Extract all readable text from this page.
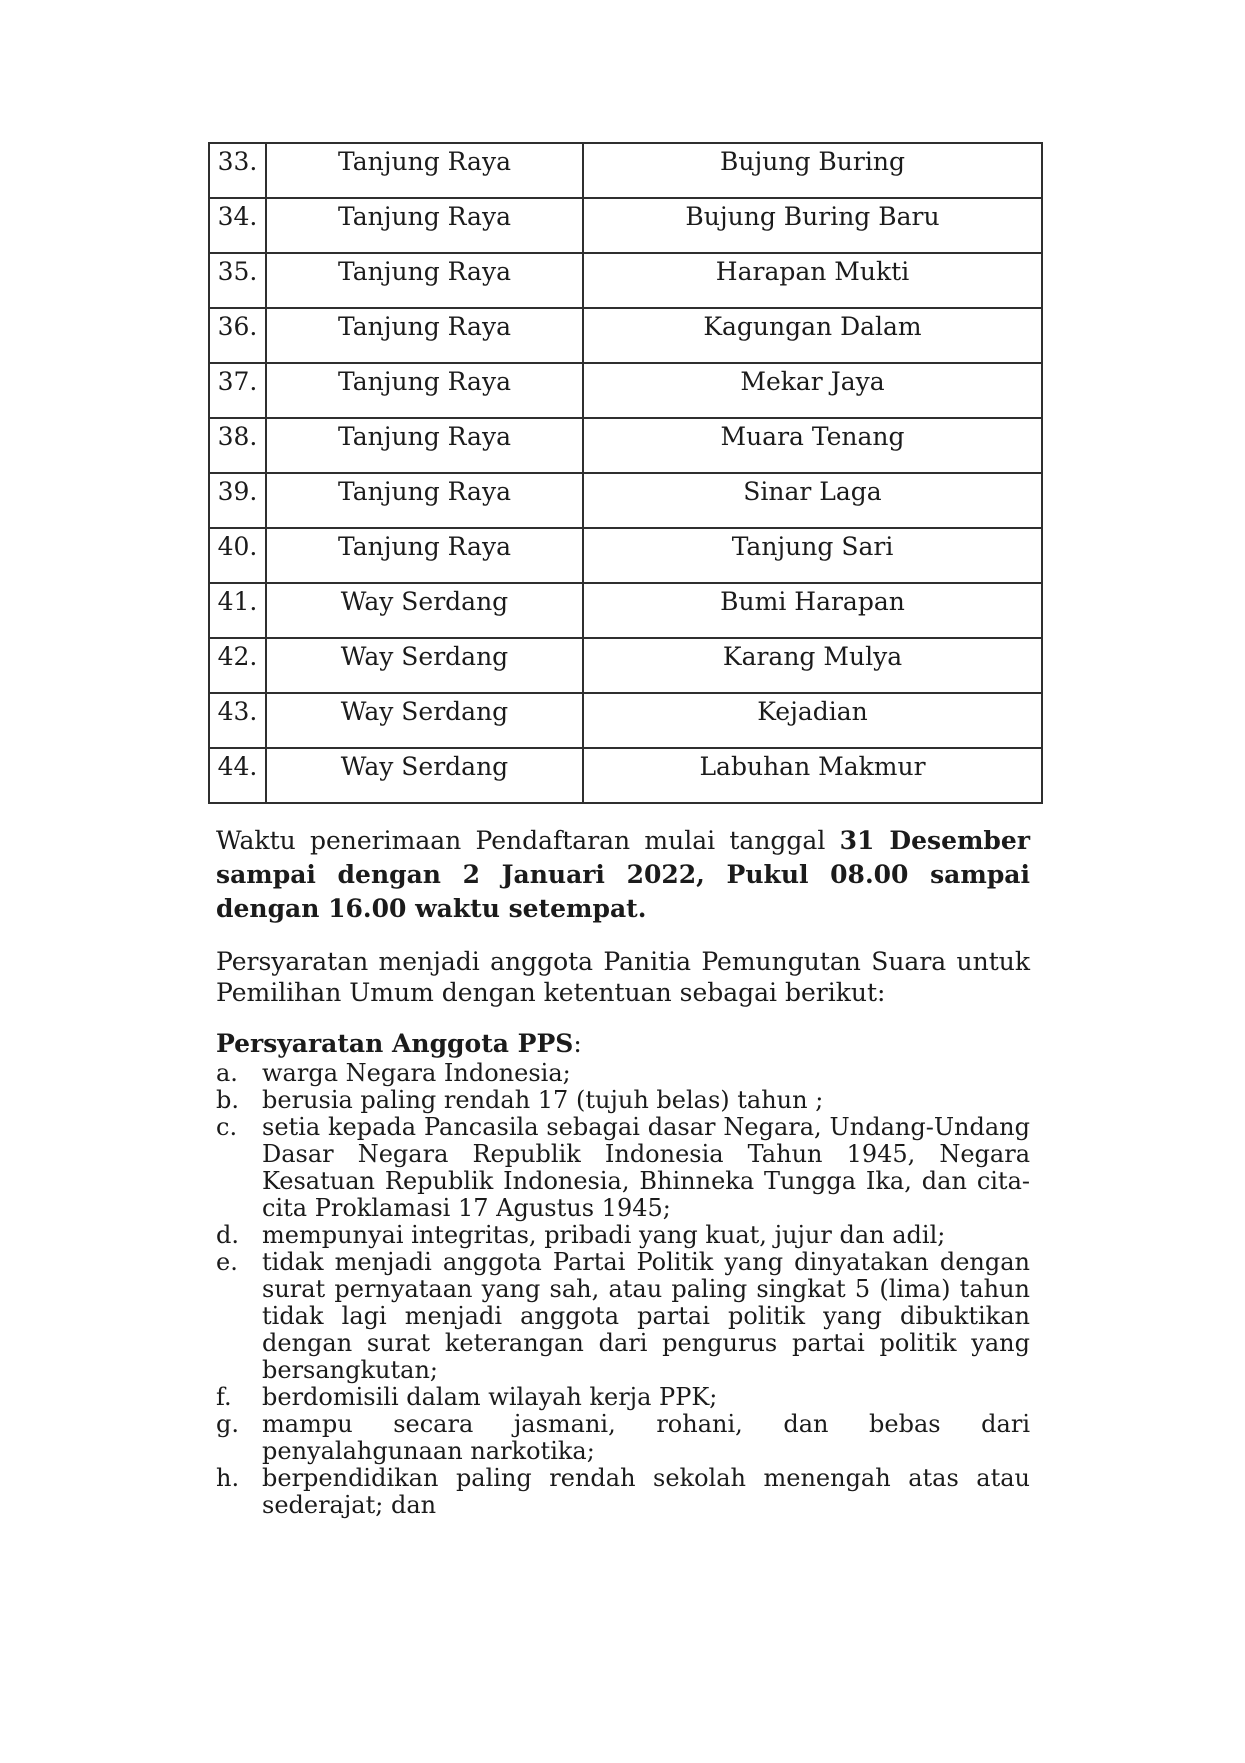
33.	Tanjung Raya	Bujung Buring
34.	Tanjung Raya	Bujung Buring Baru
35.	Tanjung Raya	Harapan Mukti
36.	Tanjung Raya	Kagungan Dalam
37.	Tanjung Raya	Mekar Jaya
38.	Tanjung Raya	Muara Tenang
39.	Tanjung Raya	Sinar Laga
40.	Tanjung Raya	Tanjung Sari
41.	Way Serdang	Bumi Harapan
42.	Way Serdang	Karang Mulya
43.	Way Serdang	Kejadian
44.	Way Serdang	Labuhan Makmur

Waktu penerimaan Pendaftaran mulai tanggal 31 Desember sampai dengan 2 Januari 2022, Pukul 08.00 sampai dengan 16.00 waktu setempat.

Persyaratan menjadi anggota Panitia Pemungutan Suara untuk Pemilihan Umum dengan ketentuan sebagai berikut:

Persyaratan Anggota PPS:

a.	warga Negara Indonesia;
b. berusia paling rendah 17 (tujuh belas) tahun ;
c.	setia kepada Pancasila sebagai dasar Negara, Undang-Undang Dasar Negara Republik Indonesia Tahun 1945, Negara Kesatuan Republik Indonesia, Bhinneka Tungga Ika, dan cita-cita Proklamasi 17 Agustus 1945;
d. mempunyai integritas, pribadi yang kuat, jujur dan adil;
e.	tidak menjadi anggota Partai Politik yang dinyatakan dengan surat pernyataan yang sah, atau paling singkat 5 (lima) tahun tidak lagi menjadi anggota partai politik yang dibuktikan dengan surat keterangan dari pengurus partai politik yang bersangkutan;
f.	berdomisili dalam wilayah kerja PPK;
g. mampu secara jasmani, rohani, dan bebas dari penyalahgunaan narkotika;
h. berpendidikan paling rendah sekolah menengah atas atau sederajat; dan
